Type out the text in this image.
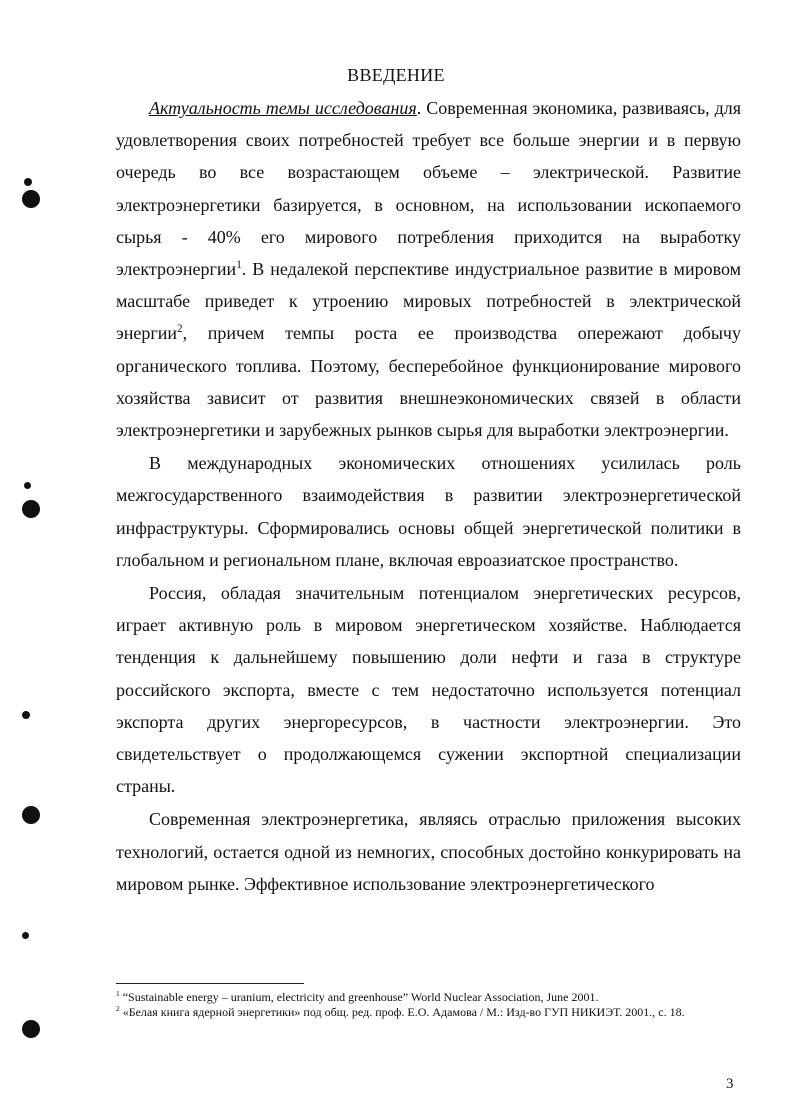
ВВЕДЕНИЕ

Актуальность темы исследования. Современная экономика, развиваясь, для удовлетворения своих потребностей требует все больше энергии и в первую очередь во все возрастающем объеме – электрической. Развитие электроэнергетики базируется, в основном, на использовании ископаемого сырья - 40% его мирового потребления приходится на выработку электроэнергии$^1$. В недалекой перспективе индустриальное развитие в мировом масштабе приведет к утроению мировых потребностей в электрической энергии$^2$, причем темпы роста ее производства опережают добычу органического топлива. Поэтому, бесперебойное функционирование мирового хозяйства зависит от развития внешнеэкономических связей в области электроэнергетики и зарубежных рынков сырья для выработки электроэнергии.

В международных экономических отношениях усилилась роль межгосударственного взаимодействия в развитии электроэнергетической инфраструктуры. Сформировались основы общей энергетической политики в глобальном и региональном плане, включая евроазиатское пространство.

Россия, обладая значительным потенциалом энергетических ресурсов, играет активную роль в мировом энергетическом хозяйстве. Наблюдается тенденция к дальнейшему повышению доли нефти и газа в структуре российского экспорта, вместе с тем недостаточно используется потенциал экспорта других энергоресурсов, в частности электроэнергии. Это свидетельствует о продолжающемся сужении экспортной специализации страны.

Современная электроэнергетика, являясь отраслью приложения высоких технологий, остается одной из немногих, способных достойно конкурировать на мировом рынке. Эффективное использование электроэнергетического

$^1$ “Sustainable energy – uranium, electricity and greenhouse” World Nuclear Association, June 2001.

$^2$ «Белая книга ядерной энергетики» под общ. ред. проф. Е.О. Адамова / М.: Изд-во ГУП НИКИЭТ. 2001., с. 18.

3
